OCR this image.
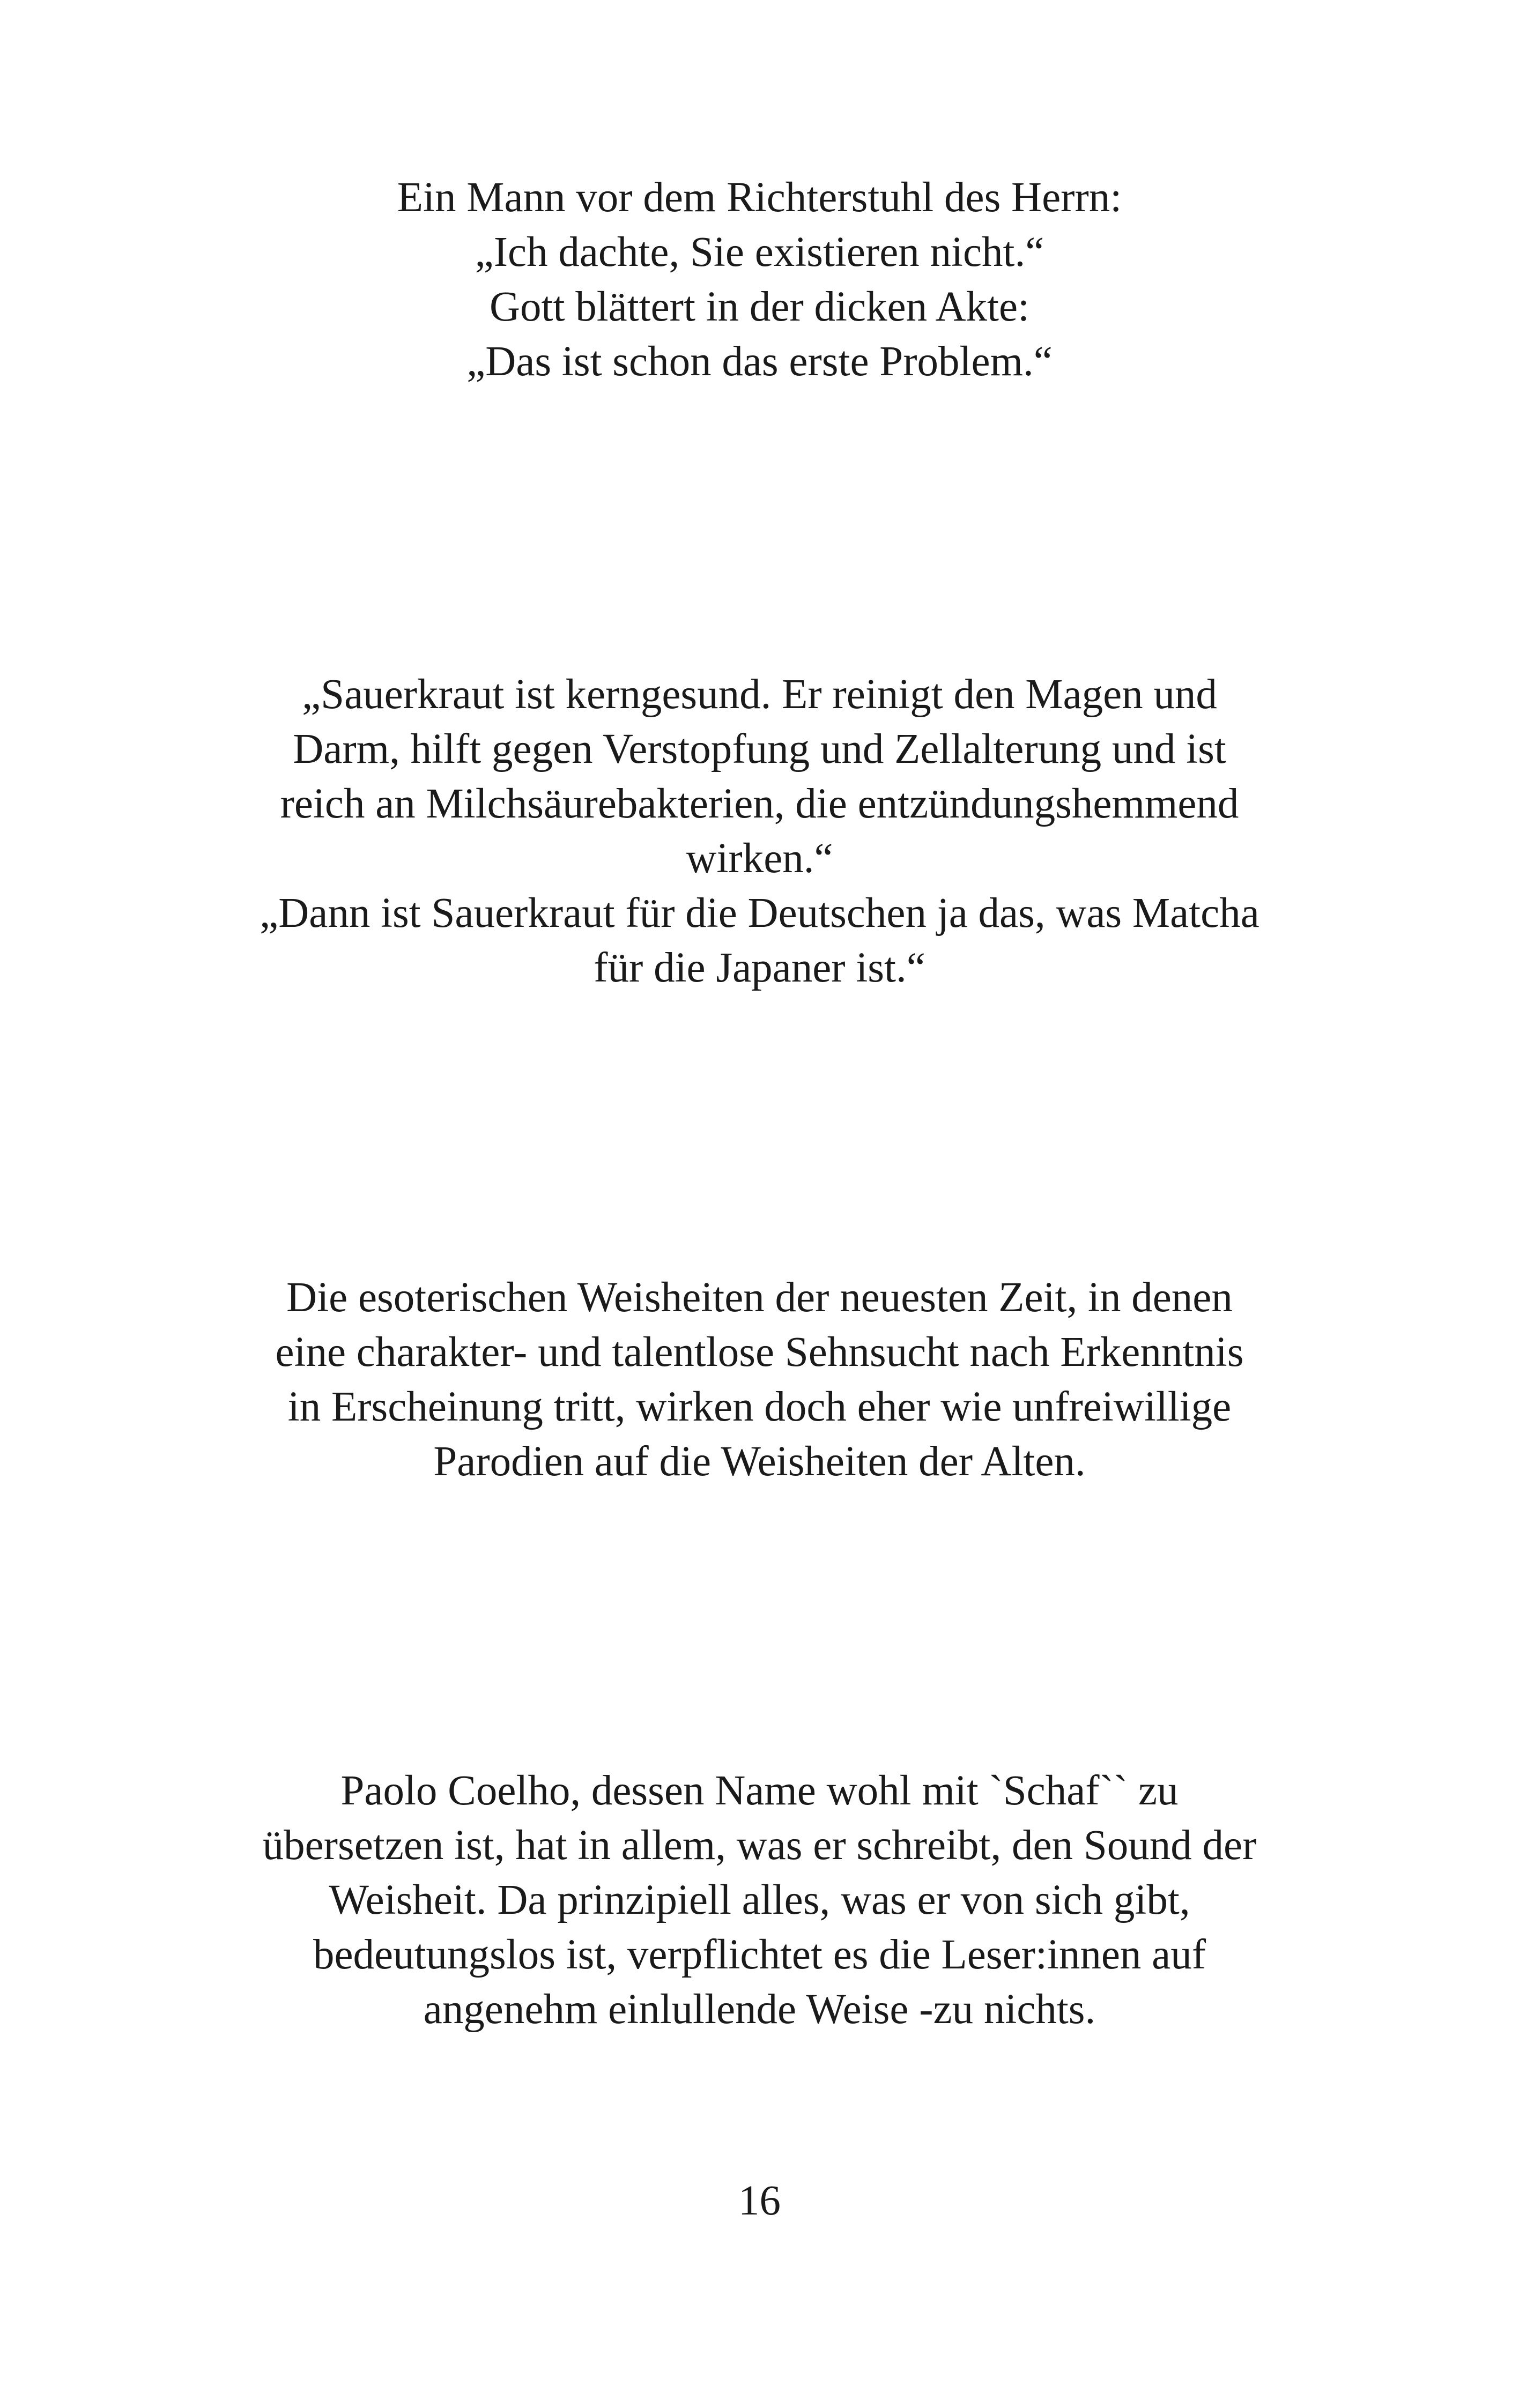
Ein Mann vor dem Richterstuhl des Herrn:
„Ich dachte, Sie existieren nicht.“
Gott blättert in der dicken Akte:
„Das ist schon das erste Problem.“
„Sauerkraut ist kerngesund. Er reinigt den Magen und
Darm, hilft gegen Verstopfung und Zellalterung und ist
reich an Milchsäurebakterien, die entzündungshemmend
wirken.“
„Dann ist Sauerkraut für die Deutschen ja das, was Matcha
für die Japaner ist.“
Die esoterischen Weisheiten der neuesten Zeit, in denen
eine charakter- und talentlose Sehnsucht nach Erkenntnis
in Erscheinung tritt, wirken doch eher wie unfreiwillige
Parodien auf die Weisheiten der Alten.
Paolo Coelho, dessen Name wohl mit `Schaf`` zu
übersetzen ist, hat in allem, was er schreibt, den Sound der
Weisheit. Da prinzipiell alles, was er von sich gibt,
bedeutungslos ist, verpflichtet es die Leser:innen auf
angenehm einlullende Weise -zu nichts.
16
